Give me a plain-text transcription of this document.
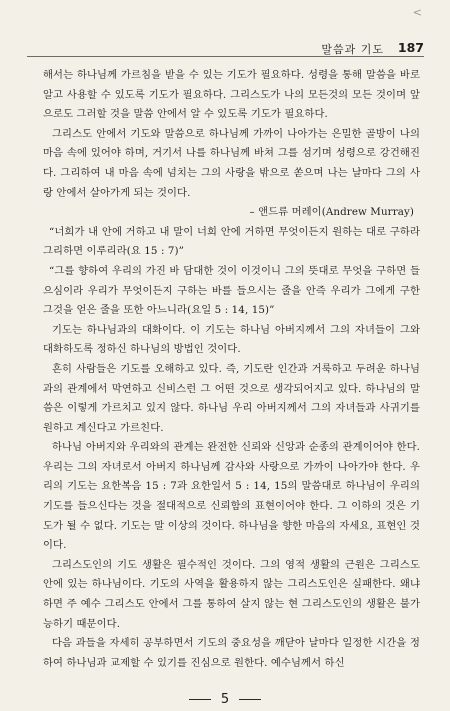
<
말씀과 기도 187

해서는 하나님께 가르침을 받을 수 있는 기도가 필요하다. 성령을 통해 말씀을 바로 알고 사용할 수 있도록 기도가 필요하다. 그리스도가 나의 모든것의 모든 것이며 앞으로도 그러할 것을 말씀 안에서 알 수 있도록 기도가 필요하다.

그리스도 안에서 기도와 말씀으로 하나님께 가까이 나아가는 은밀한 골방이 나의 마음 속에 있어야 하며, 거기서 나를 하나님께 바쳐 그를 섬기며 성령으로 강건해진다. 그리하여 내 마음 속에 넘치는 그의 사랑을 밖으로 쏟으며 나는 날마다 그의 사랑 안에서 살아가게 되는 것이다.

– 앤드류 머레이(Andrew Murray)

“너희가 내 안에 거하고 내 말이 너희 안에 거하면 무엇이든지 원하는 대로 구하라 그리하면 이루리라(요 15 : 7)”

“그를 향하여 우리의 가진 바 담대한 것이 이것이니 그의 뜻대로 무엇을 구하면 들으심이라 우리가 무엇이든지 구하는 바를 들으시는 줄을 안즉 우리가 그에게 구한 그것을 얻은 줄을 또한 아느니라(요일 5 : 14, 15)”

기도는 하나님과의 대화이다. 이 기도는 하나님 아버지께서 그의 자녀들이 그와 대화하도록 정하신 하나님의 방법인 것이다.

흔히 사람들은 기도를 오해하고 있다. 즉, 기도란 인간과 거룩하고 두려운 하나님과의 관계에서 막연하고 신비스런 그 어떤 것으로 생각되어지고 있다. 하나님의 말씀은 이렇게 가르치고 있지 않다. 하나님 우리 아버지께서 그의 자녀들과 사귀기를 원하고 계신다고 가르친다.

하나님 아버지와 우리와의 관계는 완전한 신뢰와 신앙과 순종의 관계이어야 한다. 우리는 그의 자녀로서 아버지 하나님께 감사와 사랑으로 가까이 나아가야 한다. 우리의 기도는 요한복음 15 : 7과 요한일서 5 : 14, 15의 말씀대로 하나님이 우리의 기도를 들으신다는 것을 절대적으로 신뢰함의 표현이어야 한다. 그 이하의 것은 기도가 될 수 없다. 기도는 말 이상의 것이다. 하나님을 향한 마음의 자세요, 표현인 것이다.

그리스도인의 기도 생활은 필수적인 것이다. 그의 영적 생활의 근원은 그리스도 안에 있는 하나님이다. 기도의 사역을 활용하지 않는 그리스도인은 실패한다. 왜냐하면 주 예수 그리스도 안에서 그를 통하여 살지 않는 현 그리스도인의 생활은 불가능하기 때문이다.

다음 과들을 자세히 공부하면서 기도의 중요성을 깨닫아 날마다 일정한 시간을 정하여 하나님과 교제할 수 있기를 진심으로 원한다. 예수님께서 하신

5
